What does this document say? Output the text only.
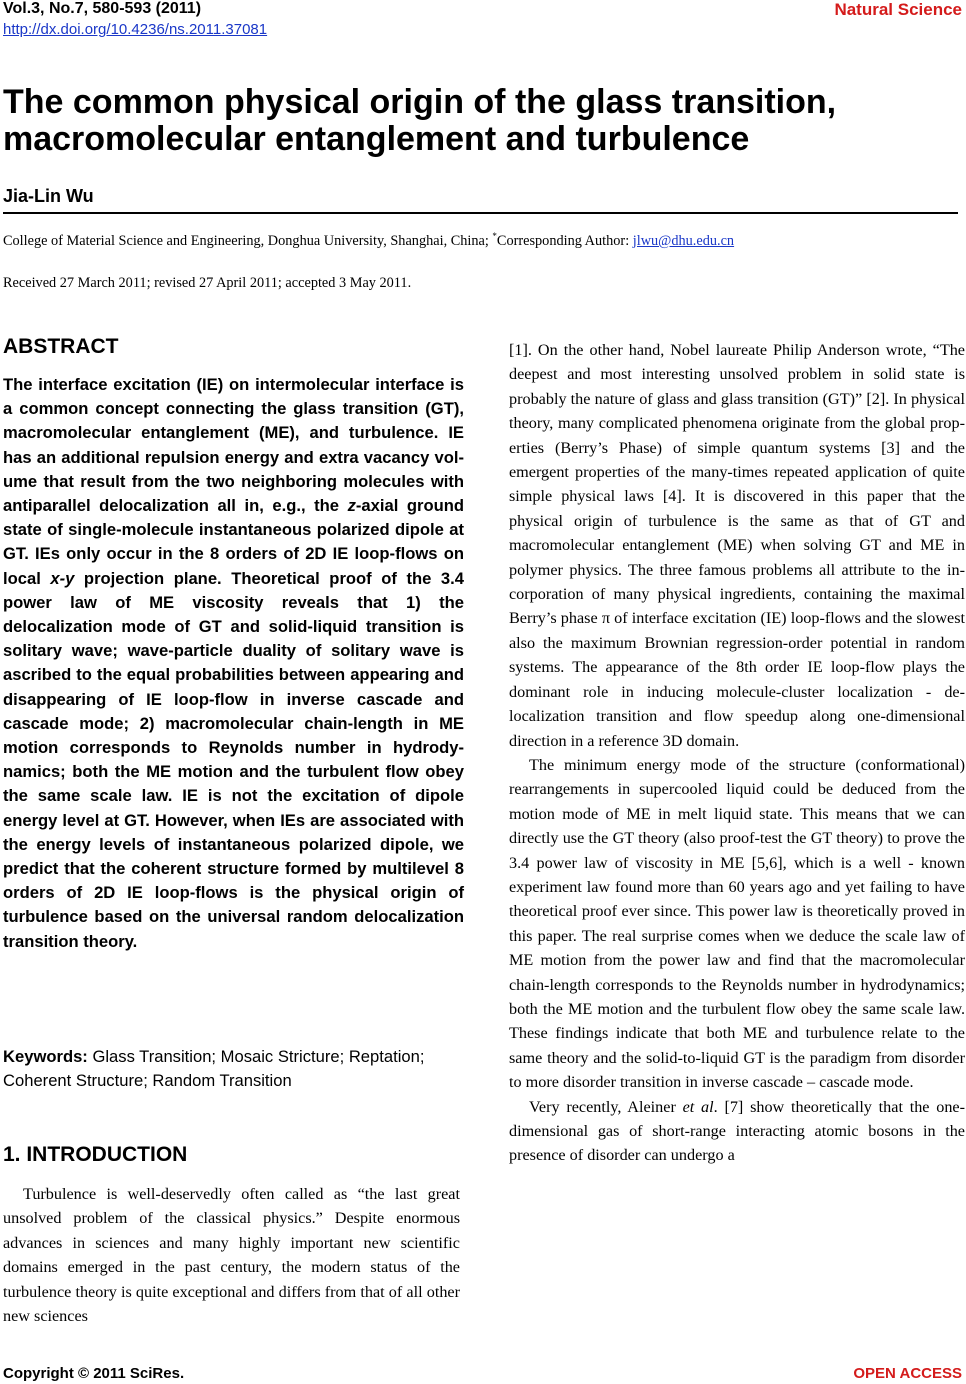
Vol.3, No.7, 580-593 (2011)
http://dx.doi.org/10.4236/ns.2011.37081
Natural Science
The common physical origin of the glass transition, macromolecular entanglement and turbulence
Jia-Lin Wu
College of Material Science and Engineering, Donghua University, Shanghai, China; *Corresponding Author: jlwu@dhu.edu.cn
Received 27 March 2011; revised 27 April 2011; accepted 3 May 2011.
ABSTRACT
The interface excitation (IE) on intermolecular interface is a common concept connecting the glass transition (GT), macromolecular entanglement (ME), and turbulence. IE has an additional repulsion energy and extra vacancy volume that result from the two neighboring molecules with antiparallel delocalization all in, e.g., the z-axial ground state of single-molecule instantaneous polarized dipole at GT. IEs only occur in the 8 orders of 2D IE loop-flows on local x-y projection plane. Theoretical proof of the 3.4 power law of ME viscosity reveals that 1) the delocalization mode of GT and solid-liquid transition is solitary wave; wave-particle duality of solitary wave is ascribed to the equal probabilities between appearing and disappearing of IE loop-flow in inverse cascade and cascade mode; 2) macromolecular chain-length in ME motion corresponds to Reynolds number in hydrodynamics; both the ME motion and the turbulent flow obey the same scale law. IE is not the excitation of dipole energy level at GT. However, when IEs are associated with the energy levels of instantaneous polarized dipole, we predict that the coherent structure formed by multilevel 8 orders of 2D IE loop-flows is the physical origin of turbulence based on the universal random delocalization transition theory.
Keywords: Glass Transition; Mosaic Stricture; Reptation; Coherent Structure; Random Transition
1. INTRODUCTION
Turbulence is well-deservedly often called as “the last great unsolved problem of the classical physics.” Despite enormous advances in sciences and many highly important new scientific domains emerged in the past century, the modern status of the turbulence theory is quite exceptional and differs from that of all other new sciences

[1]. On the other hand, Nobel laureate Philip Anderson wrote, “The deepest and most interesting unsolved problem in solid state is probably the nature of glass and glass transition (GT)” [2]. In physical theory, many complicated phenomena originate from the global properties (Berry’s Phase) of simple quantum systems [3] and the emergent properties of the many-times repeated application of quite simple physical laws [4]. It is discovered in this paper that the physical origin of turbulence is the same as that of GT and macromolecular entanglement (ME) when solving GT and ME in polymer physics. The three famous problems all attribute to the incorporation of many physical ingredients, containing the maximal Berry’s phase π of interface excitation (IE) loop-flows and the slowest also the maximum Brownian regression-order potential in random systems. The appearance of the 8th order IE loop-flow plays the dominant role in inducing molecule-cluster localization - delocalization transition and flow speedup along one-dimensional direction in a reference 3D domain.

The minimum energy mode of the structure (conformational) rearrangements in supercooled liquid could be deduced from the motion mode of ME in melt liquid state. This means that we can directly use the GT theory (also proof-test the GT theory) to prove the 3.4 power law of viscosity in ME [5,6], which is a well - known experiment law found more than 60 years ago and yet failing to have theoretical proof ever since. This power law is theoretically proved in this paper. The real surprise comes when we deduce the scale law of ME motion from the power law and find that the macromolecular chain-length corresponds to the Reynolds number in hydrodynamics; both the ME motion and the turbulent flow obey the same scale law. These findings indicate that both ME and turbulence relate to the same theory and the solid-to-liquid GT is the paradigm from disorder to more disorder transition in inverse cascade – cascade mode.

Very recently, Aleiner et al. [7] show theoretically that the one-dimensional gas of short-range interacting atomic bosons in the presence of disorder can undergo a

Copyright © 2011 SciRes.	OPEN ACCESS
